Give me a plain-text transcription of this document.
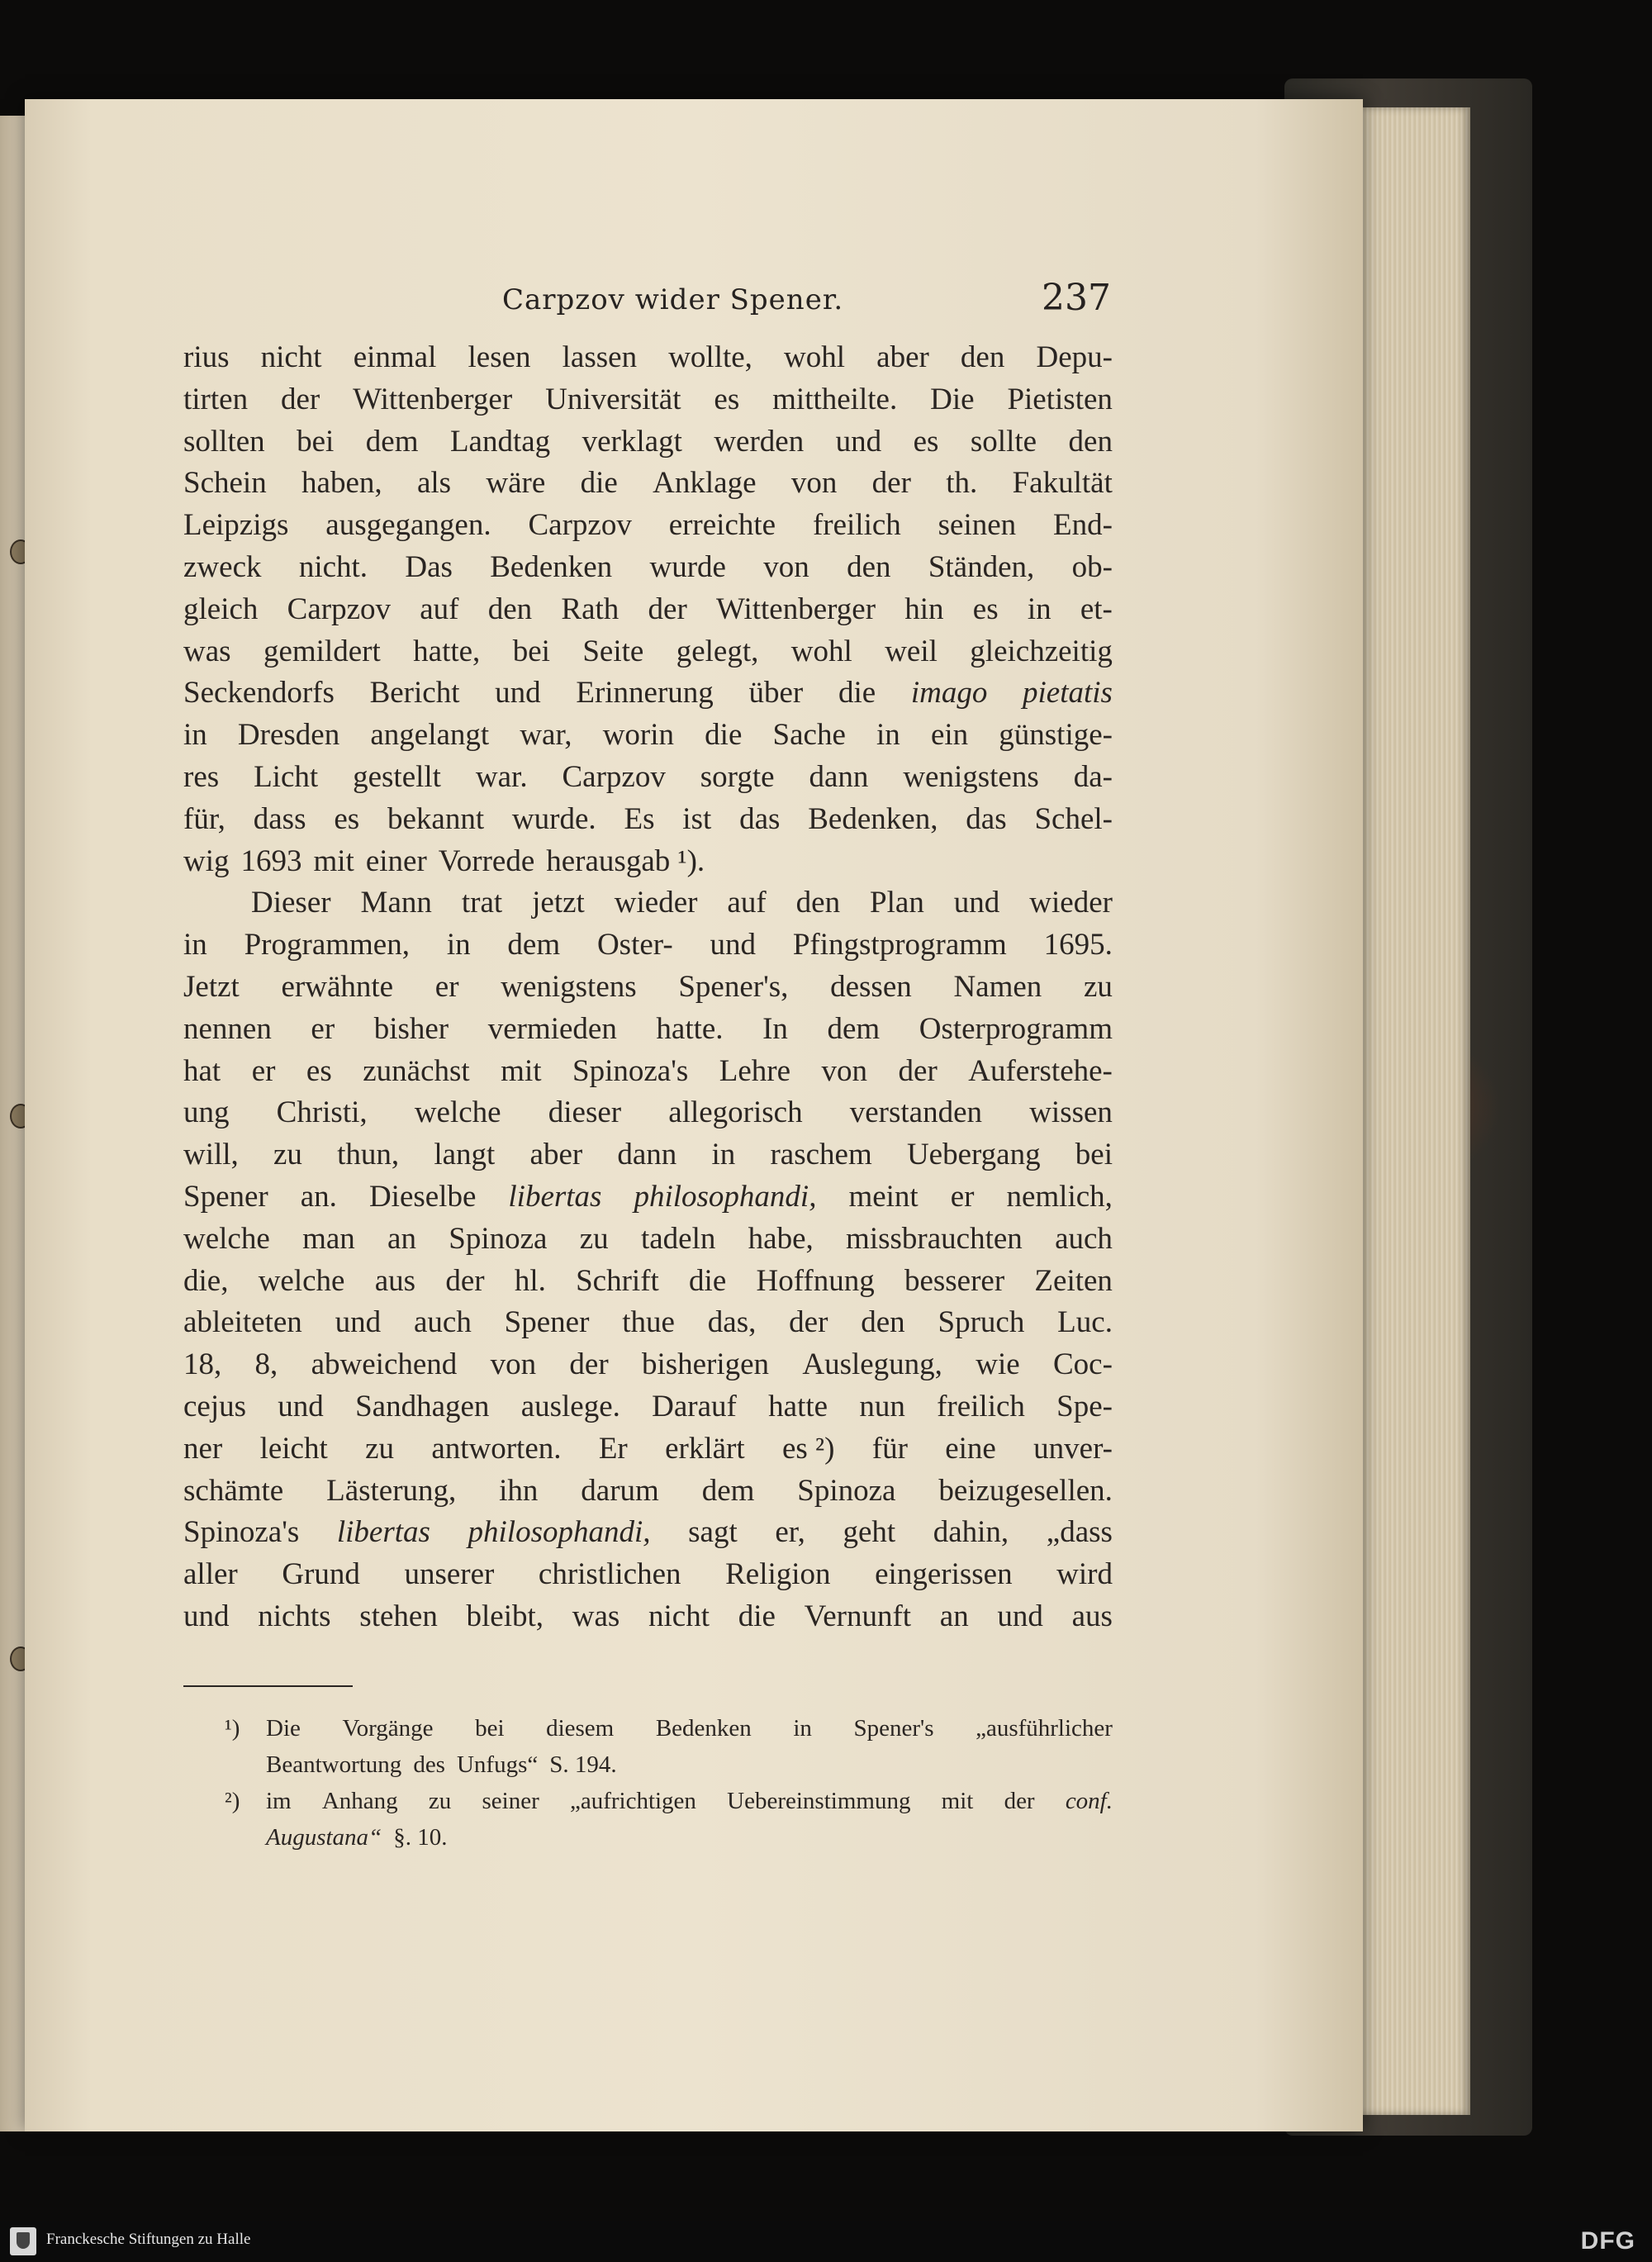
Carpzov wider Spener.	237
rius nicht einmal lesen lassen wollte, wohl aber den Depu-
tirten der Wittenberger Universität es mittheilte. Die Pietisten
sollten bei dem Landtag verklagt werden und es sollte den
Schein haben, als wäre die Anklage von der th. Fakultät
Leipzigs ausgegangen. Carpzov erreichte freilich seinen End-
zweck nicht. Das Bedenken wurde von den Ständen, ob-
gleich Carpzov auf den Rath der Wittenberger hin es in et-
was gemildert hatte, bei Seite gelegt, wohl weil gleichzeitig
Seckendorfs Bericht und Erinnerung über die imago pietatis
in Dresden angelangt war, worin die Sache in ein günstige-
res Licht gestellt war. Carpzov sorgte dann wenigstens da-
für, dass es bekannt wurde. Es ist das Bedenken, das Schel-
wig 1693 mit einer Vorrede herausgab ¹).
Dieser Mann trat jetzt wieder auf den Plan und wieder
in Programmen, in dem Oster- und Pfingstprogramm 1695.
Jetzt erwähnte er wenigstens Spener's, dessen Namen zu
nennen er bisher vermieden hatte. In dem Osterprogramm
hat er es zunächst mit Spinoza's Lehre von der Auferstehe-
ung Christi, welche dieser allegorisch verstanden wissen
will, zu thun, langt aber dann in raschem Uebergang bei
Spener an. Dieselbe libertas philosophandi, meint er nemlich,
welche man an Spinoza zu tadeln habe, missbrauchten auch
die, welche aus der hl. Schrift die Hoffnung besserer Zeiten
ableiteten und auch Spener thue das, der den Spruch Luc.
18, 8, abweichend von der bisherigen Auslegung, wie Coc-
cejus und Sandhagen auslege. Darauf hatte nun freilich Spe-
ner leicht zu antworten. Er erklärt es ²) für eine unver-
schämte Lästerung, ihn darum dem Spinoza beizugesellen.
Spinoza's libertas philosophandi, sagt er, geht dahin, „dass
aller Grund unserer christlichen Religion eingerissen wird
und nichts stehen bleibt, was nicht die Vernunft an und aus
¹) Die Vorgänge bei diesem Bedenken in Spener's „ausführlicher
Beantwortung des Unfugs“ S. 194.
²) im Anhang zu seiner „aufrichtigen Uebereinstimmung mit der conf.
Augustana“ §. 10.
Franckesche Stiftungen zu Halle	DFG
